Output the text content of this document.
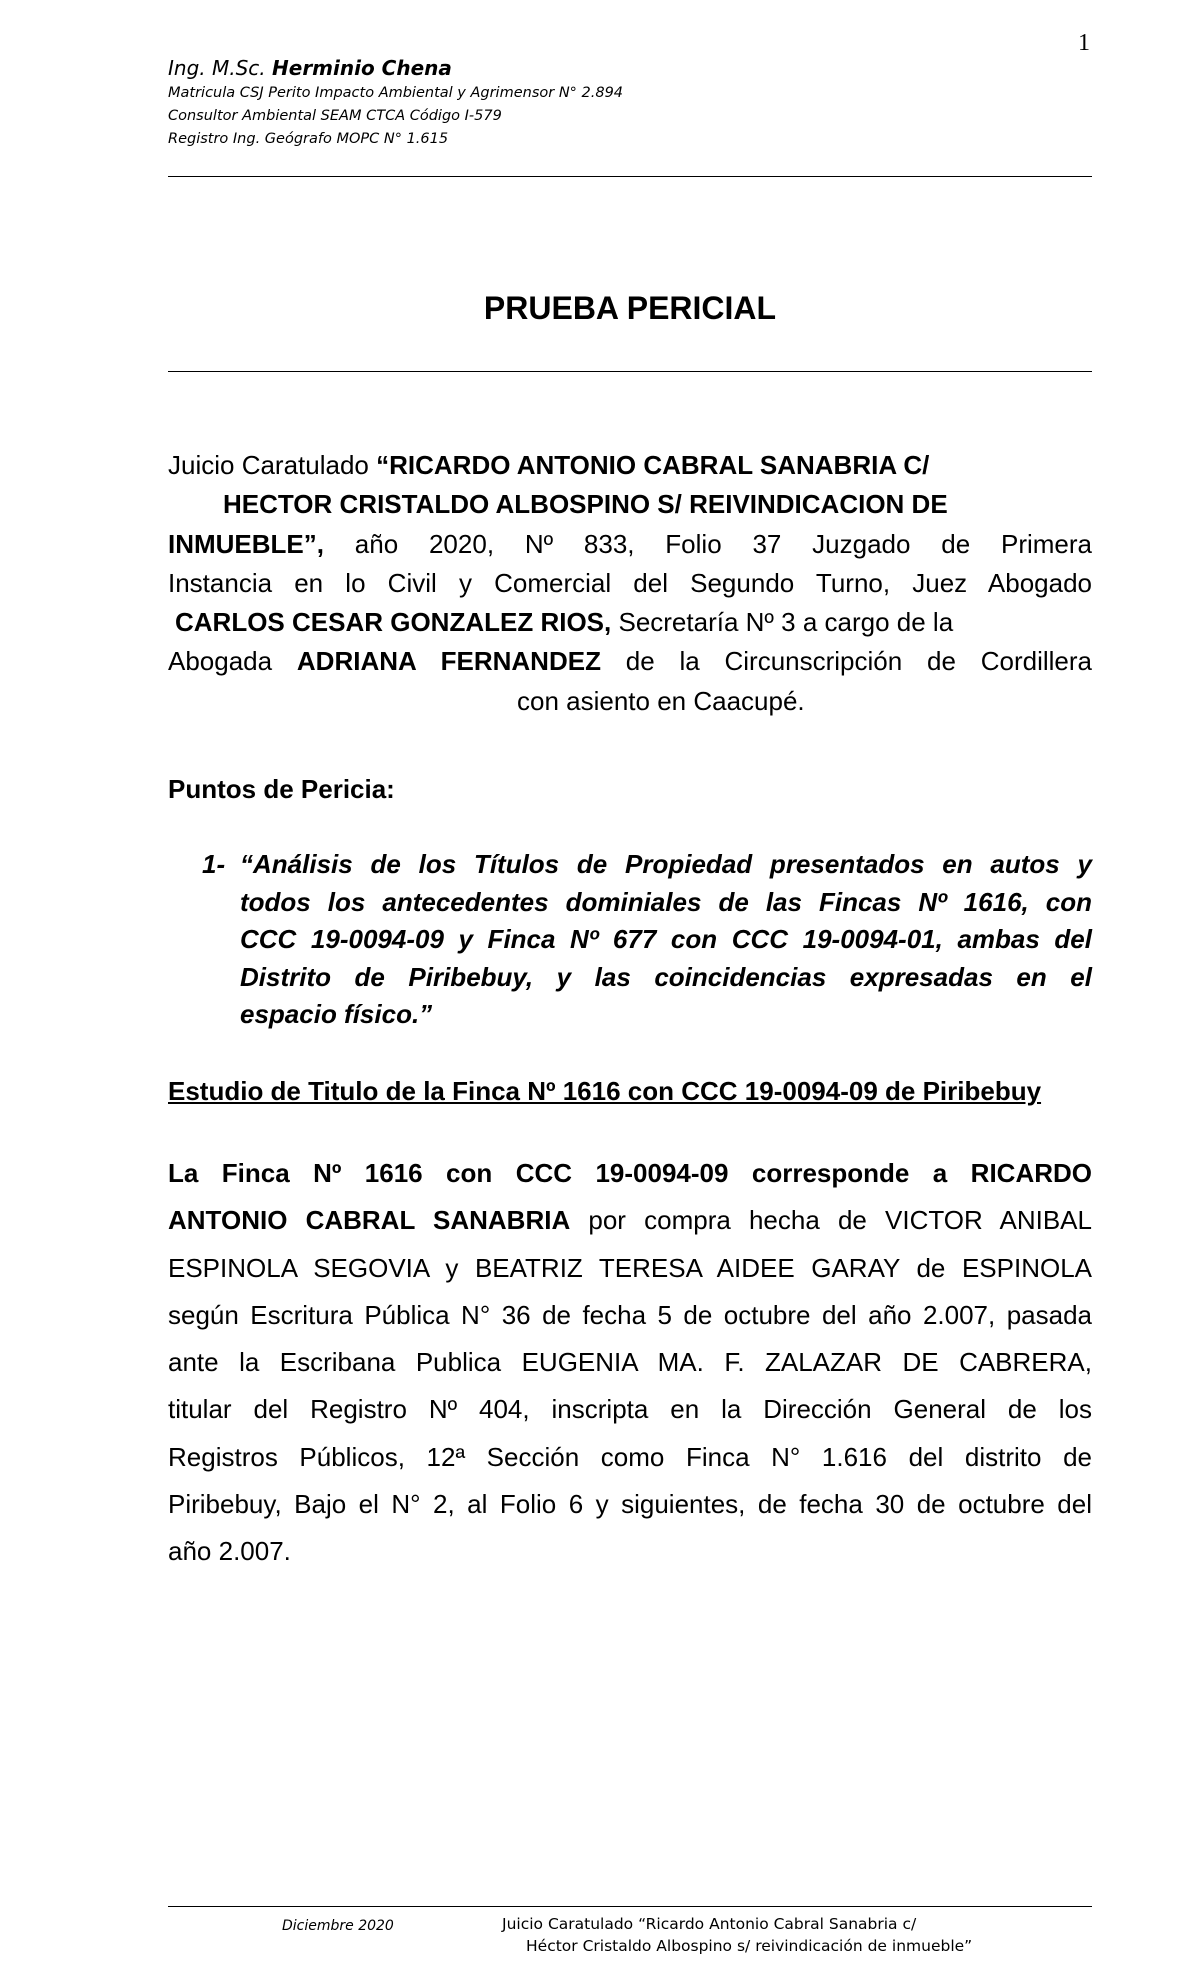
1
Ing. M.Sc. Herminio Chena
Matricula CSJ Perito Impacto Ambiental y Agrimensor N° 2.894
Consultor Ambiental SEAM CTCA Código I-579
Registro Ing. Geógrafo MOPC N° 1.615
PRUEBA PERICIAL
Juicio Caratulado “RICARDO ANTONIO CABRAL SANABRIA C/
HECTOR CRISTALDO ALBOSPINO S/ REIVINDICACION DE
INMUEBLE”, año 2020, Nº 833, Folio 37 Juzgado de Primera
Instancia en lo Civil y Comercial del Segundo Turno, Juez Abogado
CARLOS CESAR GONZALEZ RIOS, Secretaría Nº 3 a cargo de la
Abogada ADRIANA FERNANDEZ de la Circunscripción de Cordillera
con asiento en Caacupé.
Puntos de Pericia:
1- “Análisis de los Títulos de Propiedad presentados en autos y
todos los antecedentes dominiales de las Fincas Nº 1616, con
CCC 19-0094-09 y Finca Nº 677 con CCC 19-0094-01, ambas del
Distrito de Piribebuy, y las coincidencias expresadas en el
espacio físico.”
Estudio de Titulo de la Finca Nº 1616 con CCC 19-0094-09 de Piribebuy
La Finca Nº 1616 con CCC 19-0094-09 corresponde a RICARDO
ANTONIO CABRAL SANABRIA por compra hecha de VICTOR ANIBAL
ESPINOLA SEGOVIA y BEATRIZ TERESA AIDEE GARAY de ESPINOLA
según Escritura Pública N° 36 de fecha 5 de octubre del año 2.007, pasada
ante la Escribana Publica EUGENIA MA. F. ZALAZAR DE CABRERA,
titular del Registro Nº 404, inscripta en la Dirección General de los
Registros Públicos, 12ª Sección como Finca N° 1.616 del distrito de
Piribebuy, Bajo el N° 2, al Folio 6 y siguientes, de fecha 30 de octubre del
año 2.007.
Diciembre 2020	Juicio Caratulado “Ricardo Antonio Cabral Sanabria c/
Héctor Cristaldo Albospino s/ reivindicación de inmueble”
